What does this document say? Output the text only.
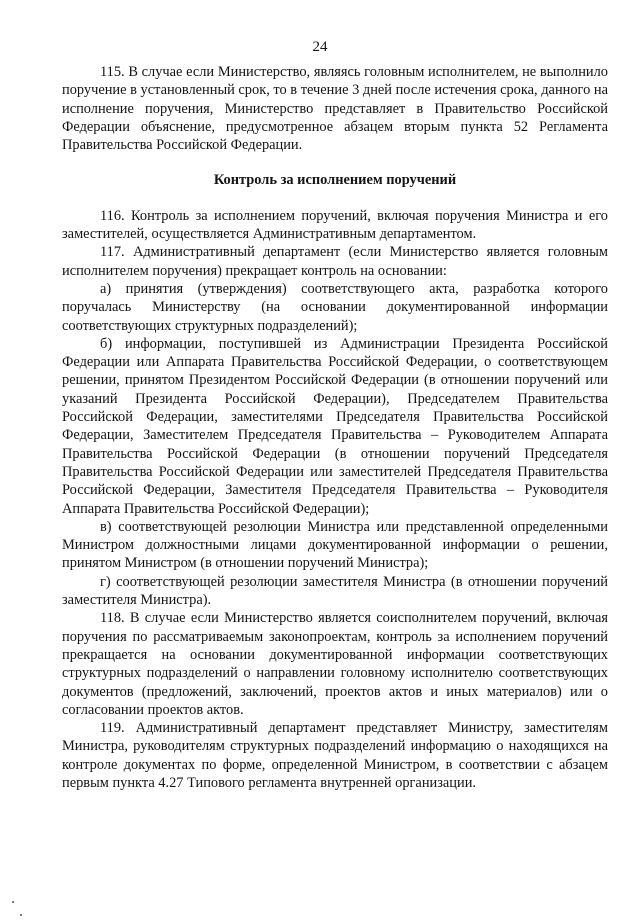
24

115. В случае если Министерство, являясь головным исполнителем, не выполнило поручение в установленный срок, то в течение 3 дней после истечения срока, данного на исполнение поручения, Министерство представляет в Правительство Российской Федерации объяснение, предусмотренное абзацем вторым пункта 52 Регламента Правительства Российской Федерации.

Контроль за исполнением поручений

116. Контроль за исполнением поручений, включая поручения Министра и его заместителей, осуществляется Административным департаментом.

117. Административный департамент (если Министерство является головным исполнителем поручения) прекращает контроль на основании:

а) принятия (утверждения) соответствующего акта, разработка которого поручалась Министерству (на основании документированной информации соответствующих структурных подразделений);

б) информации, поступившей из Администрации Президента Российской Федерации или Аппарата Правительства Российской Федерации, о соответствующем решении, принятом Президентом Российской Федерации (в отношении поручений или указаний Президента Российской Федерации), Председателем Правительства Российской Федерации, заместителями Председателя Правительства Российской Федерации, Заместителем Председателя Правительства – Руководителем Аппарата Правительства Российской Федерации (в отношении поручений Председателя Правительства Российской Федерации или заместителей Председателя Правительства Российской Федерации, Заместителя Председателя Правительства – Руководителя Аппарата Правительства Российской Федерации);

в) соответствующей резолюции Министра или представленной определенными Министром должностными лицами документированной информации о решении, принятом Министром (в отношении поручений Министра);

г) соответствующей резолюции заместителя Министра (в отношении поручений заместителя Министра).

118. В случае если Министерство является соисполнителем поручений, включая поручения по рассматриваемым законопроектам, контроль за исполнением поручений прекращается на основании документированной информации соответствующих структурных подразделений о направлении головному исполнителю соответствующих документов (предложений, заключений, проектов актов и иных материалов) или о согласовании проектов актов.

119. Административный департамент представляет Министру, заместителям Министра, руководителям структурных подразделений информацию о находящихся на контроле документах по форме, определенной Министром, в соответствии с абзацем первым пункта 4.27 Типового регламента внутренней организации.
